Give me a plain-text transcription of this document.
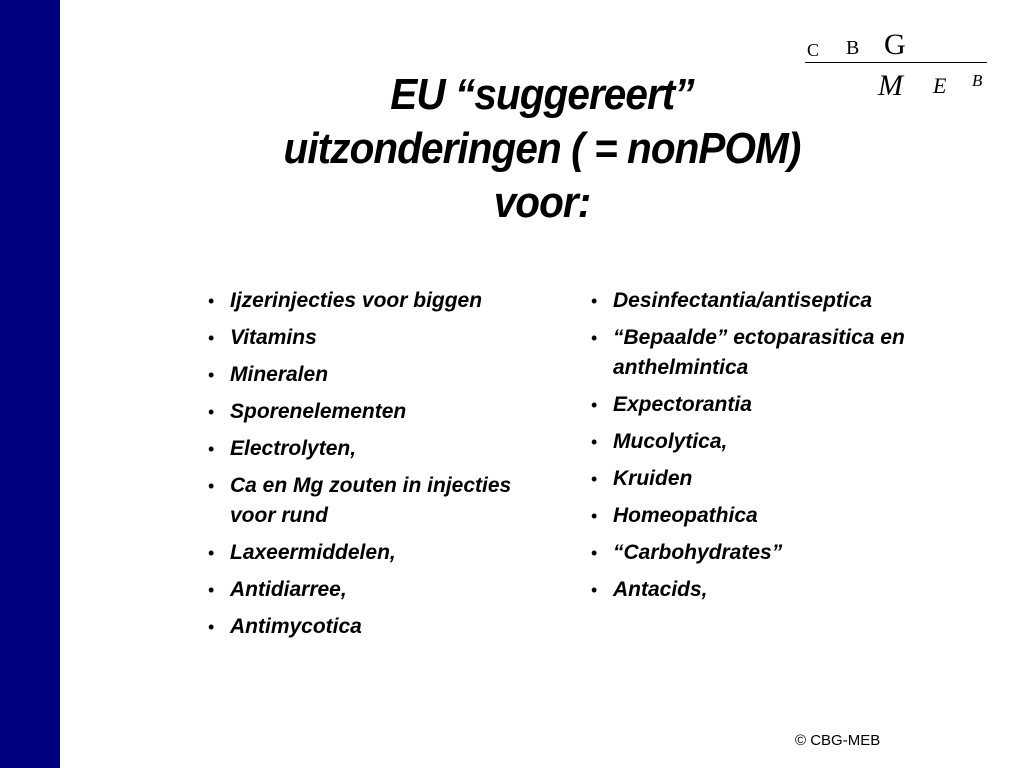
C B G
M E B
EU “suggereert”
uitzonderingen ( = nonPOM)
voor:
• Ijzerinjecties voor biggen
• Vitamins
• Mineralen
• Sporenelementen
• Electrolyten,
• Ca en Mg zouten in injecties voor rund
• Laxeermiddelen,
• Antidiarree,
• Antimycotica
• Desinfectantia/antiseptica
• “Bepaalde” ectoparasitica en anthelmintica
• Expectorantia
• Mucolytica,
• Kruiden
• Homeopathica
• “Carbohydrates”
• Antacids,
© CBG-MEB
